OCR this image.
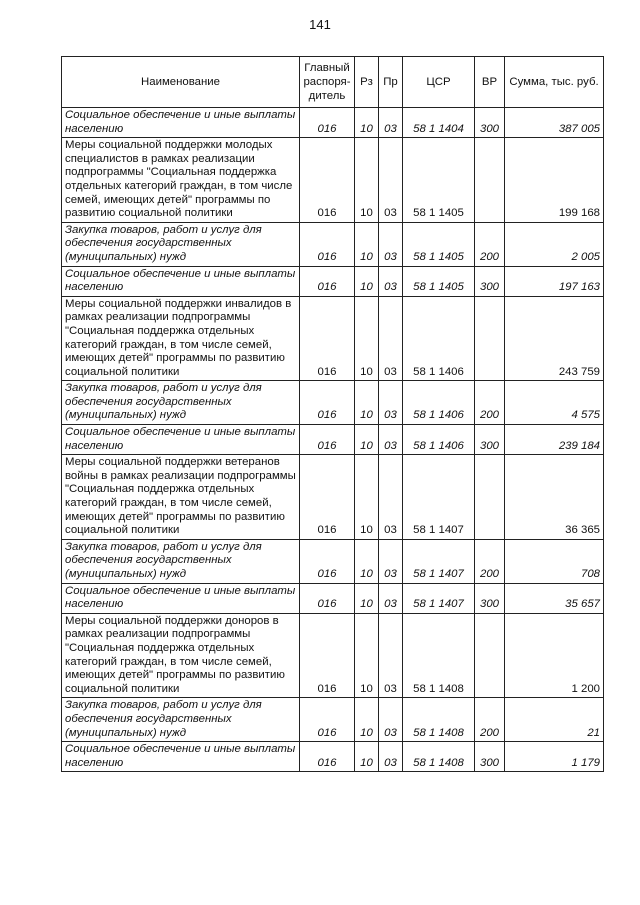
141
Наименование	Главный распоря-дитель	Рз	Пр	ЦСР	ВР	Сумма, тыс. руб.
Социальное обеспечение и иные выплаты населению	016	10	03	58 1 1404	300	387 005
Меры социальной поддержки молодых специалистов в рамках реализации подпрограммы "Социальная поддержка отдельных категорий граждан, в том числе семей, имеющих детей" программы по развитию социальной политики	016	10	03	58 1 1405		199 168
Закупка товаров, работ и услуг для обеспечения государственных (муниципальных) нужд	016	10	03	58 1 1405	200	2 005
Социальное обеспечение и иные выплаты населению	016	10	03	58 1 1405	300	197 163
Меры социальной поддержки инвалидов в рамках реализации подпрограммы "Социальная поддержка отдельных категорий граждан, в том числе семей, имеющих детей" программы по развитию социальной политики	016	10	03	58 1 1406		243 759
Закупка товаров, работ и услуг для обеспечения государственных (муниципальных) нужд	016	10	03	58 1 1406	200	4 575
Социальное обеспечение и иные выплаты населению	016	10	03	58 1 1406	300	239 184
Меры социальной поддержки ветеранов войны в рамках реализации подпрограммы "Социальная поддержка отдельных категорий граждан, в том числе семей, имеющих детей" программы по развитию социальной политики	016	10	03	58 1 1407		36 365
Закупка товаров, работ и услуг для обеспечения государственных (муниципальных) нужд	016	10	03	58 1 1407	200	708
Социальное обеспечение и иные выплаты населению	016	10	03	58 1 1407	300	35 657
Меры социальной поддержки доноров в рамках реализации подпрограммы "Социальная поддержка отдельных категорий граждан, в том числе семей, имеющих детей" программы по развитию социальной политики	016	10	03	58 1 1408		1 200
Закупка товаров, работ и услуг для обеспечения государственных (муниципальных) нужд	016	10	03	58 1 1408	200	21
Социальное обеспечение и иные выплаты населению	016	10	03	58 1 1408	300	1 179
